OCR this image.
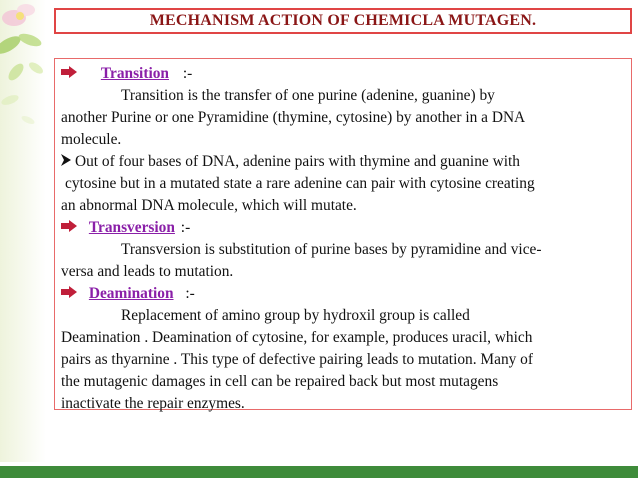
MECHANISM ACTION OF CHEMICLA MUTAGEN.
Transition :-
Transition is the transfer of one purine (adenine, guanine) by
another Purine or one Pyramidine (thymine, cytosine) by another in a DNA
molecule.
Out of four bases of DNA, adenine pairs with thymine and guanine with
cytosine but in a mutated state a rare adenine can pair with cytosine creating
an abnormal DNA molecule, which will mutate.
Transversion :-
Transversion is substitution of purine bases by pyramidine and vice-
versa and leads to mutation.
Deamination :-
Replacement of amino group by hydroxil group is called
Deamination . Deamination of cytosine, for example, produces uracil, which
pairs as thyarnine . This type of defective pairing leads to mutation. Many of
the mutagenic damages in cell can be repaired back but most mutagens
inactivate the repair enzymes.
